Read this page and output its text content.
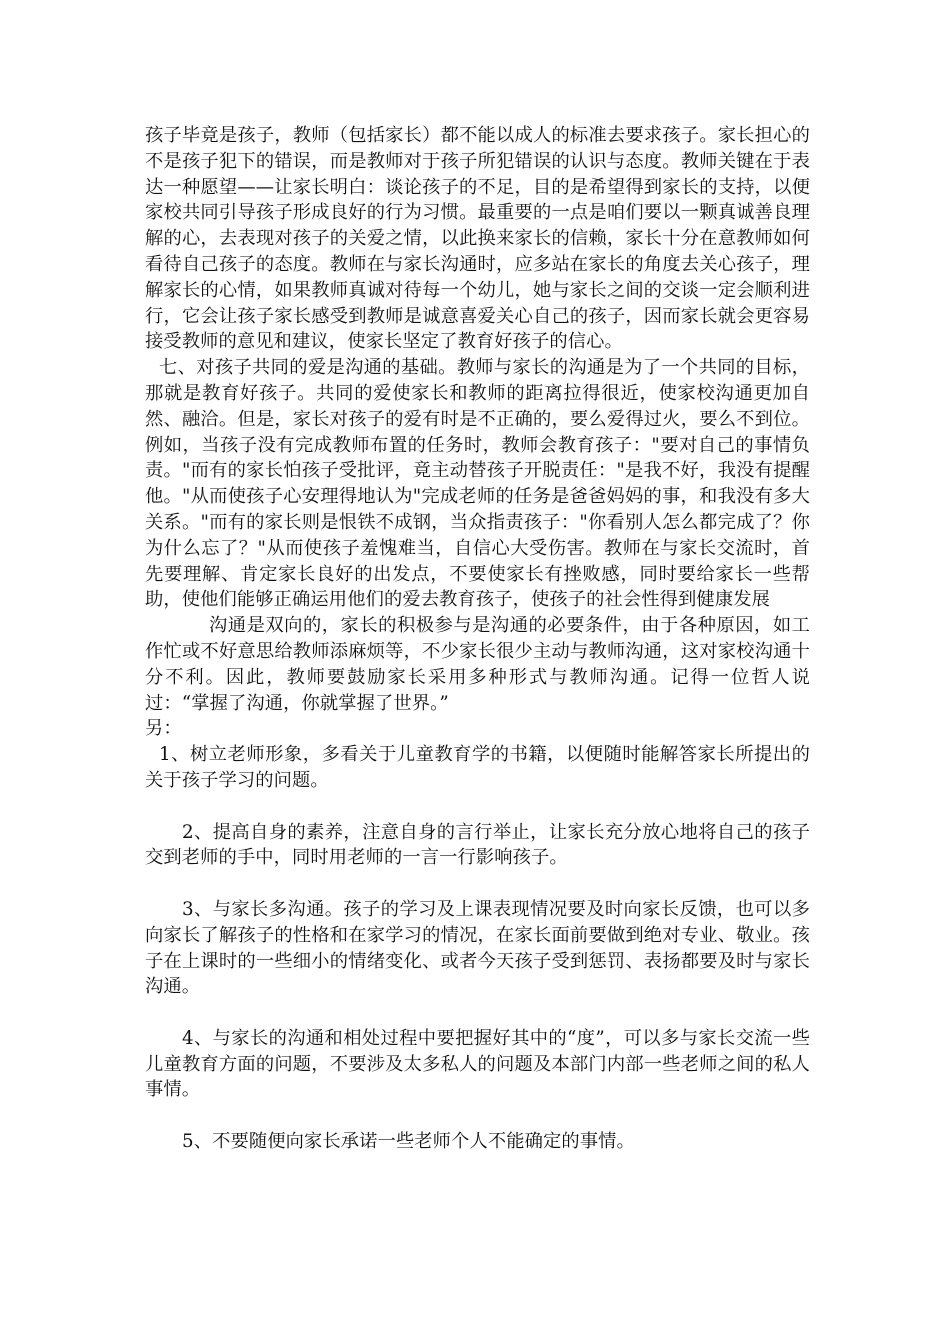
孩子毕竟是孩子，教师（包括家长）都不能以成人的标准去要求孩子。家长担心的不是孩子犯下的错误，而是教师对于孩子所犯错误的认识与态度。教师关键在于表达一种愿望——让家长明白：谈论孩子的不足，目的是希望得到家长的支持，以便家校共同引导孩子形成良好的行为习惯。最重要的一点是咱们要以一颗真诚善良理解的心，去表现对孩子的关爱之情，以此换来家长的信赖，家长十分在意教师如何看待自己孩子的态度。教师在与家长沟通时，应多站在家长的角度去关心孩子，理解家长的心情，如果教师真诚对待每一个幼儿，她与家长之间的交谈一定会顺利进行，它会让孩子家长感受到教师是诚意喜爱关心自己的孩子，因而家长就会更容易接受教师的意见和建议，使家长坚定了教育好孩子的信心。

七、对孩子共同的爱是沟通的基础。教师与家长的沟通是为了一个共同的目标，那就是教育好孩子。共同的爱使家长和教师的距离拉得很近，使家校沟通更加自然、融洽。但是，家长对孩子的爱有时是不正确的，要么爱得过火，要么不到位。例如，当孩子没有完成教师布置的任务时，教师会教育孩子："要对自己的事情负责。"而有的家长怕孩子受批评，竟主动替孩子开脱责任："是我不好，我没有提醒他。"从而使孩子心安理得地认为"完成老师的任务是爸爸妈妈的事，和我没有多大关系。"而有的家长则是恨铁不成钢，当众指责孩子："你看别人怎么都完成了？你为什么忘了？"从而使孩子羞愧难当，自信心大受伤害。教师在与家长交流时，首先要理解、肯定家长良好的出发点，不要使家长有挫败感，同时要给家长一些帮助，使他们能够正确运用他们的爱去教育孩子，使孩子的社会性得到健康发展

沟通是双向的，家长的积极参与是沟通的必要条件，由于各种原因，如工作忙或不好意思给教师添麻烦等，不少家长很少主动与教师沟通，这对家校沟通十分不利。因此，教师要鼓励家长采用多种形式与教师沟通。记得一位哲人说过：“掌握了沟通，你就掌握了世界。”

另：

1、树立老师形象，多看关于儿童教育学的书籍，以便随时能解答家长所提出的关于孩子学习的问题。

2、提高自身的素养，注意自身的言行举止，让家长充分放心地将自己的孩子交到老师的手中，同时用老师的一言一行影响孩子。

3、与家长多沟通。孩子的学习及上课表现情况要及时向家长反馈，也可以多向家长了解孩子的性格和在家学习的情况，在家长面前要做到绝对专业、敬业。孩子在上课时的一些细小的情绪变化、或者今天孩子受到惩罚、表扬都要及时与家长沟通。

4、与家长的沟通和相处过程中要把握好其中的“度”，可以多与家长交流一些儿童教育方面的问题，不要涉及太多私人的问题及本部门内部一些老师之间的私人事情。

5、不要随便向家长承诺一些老师个人不能确定的事情。
